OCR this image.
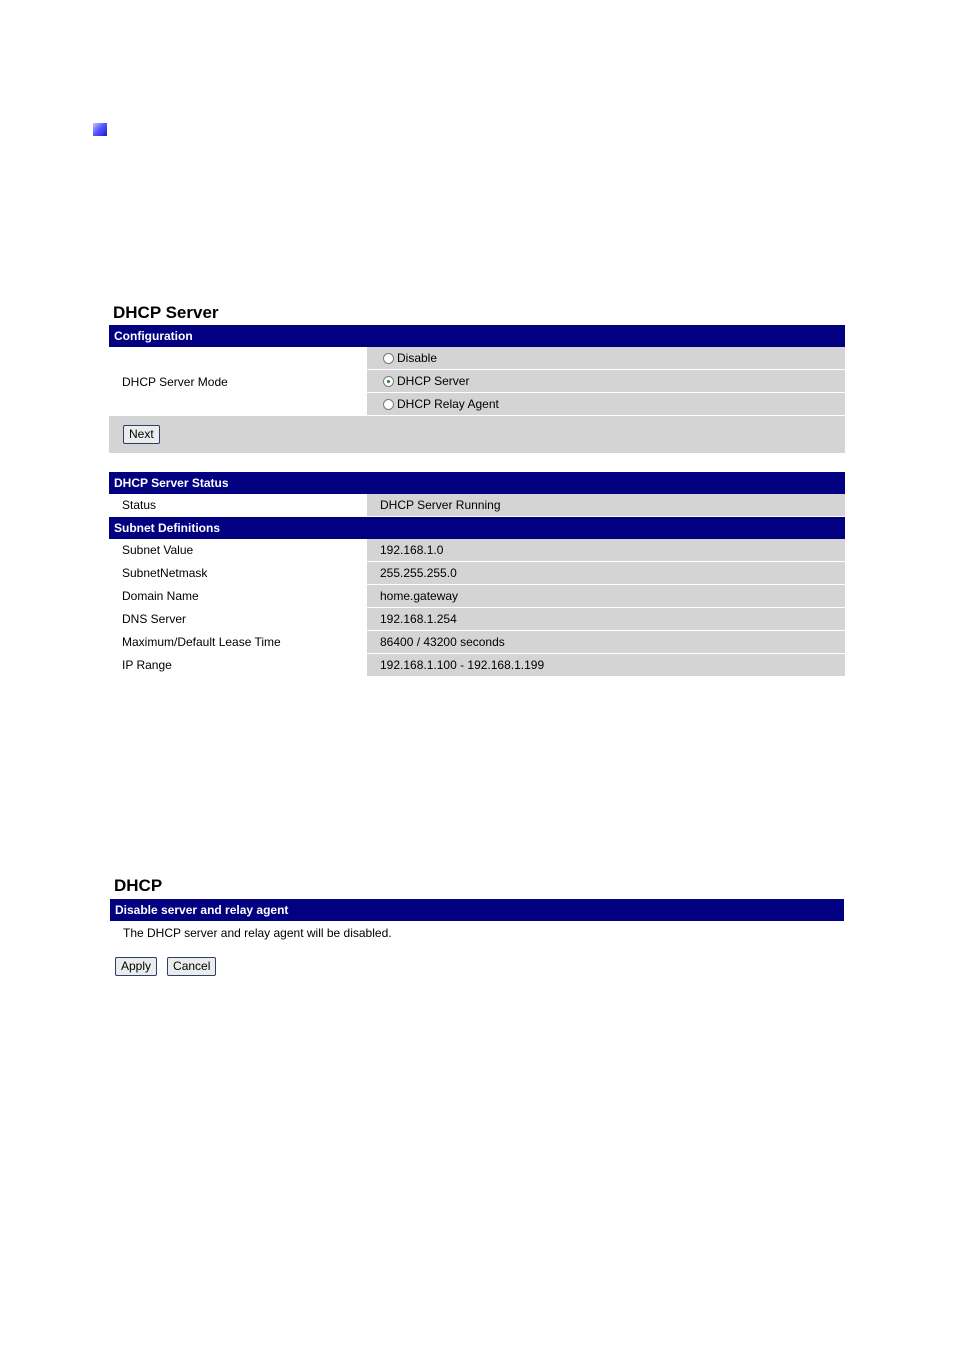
DHCP Server
Configuration
DHCP Server Mode
Disable
DHCP Server
DHCP Relay Agent
Next
DHCP Server Status
Status	DHCP Server Running
Subnet Definitions
Subnet Value	192.168.1.0
SubnetNetmask	255.255.255.0
Domain Name	home.gateway
DNS Server	192.168.1.254
Maximum/Default Lease Time	86400 / 43200 seconds
IP Range	192.168.1.100 - 192.168.1.199
DHCP
Disable server and relay agent
The DHCP server and relay agent will be disabled.
Apply	Cancel
